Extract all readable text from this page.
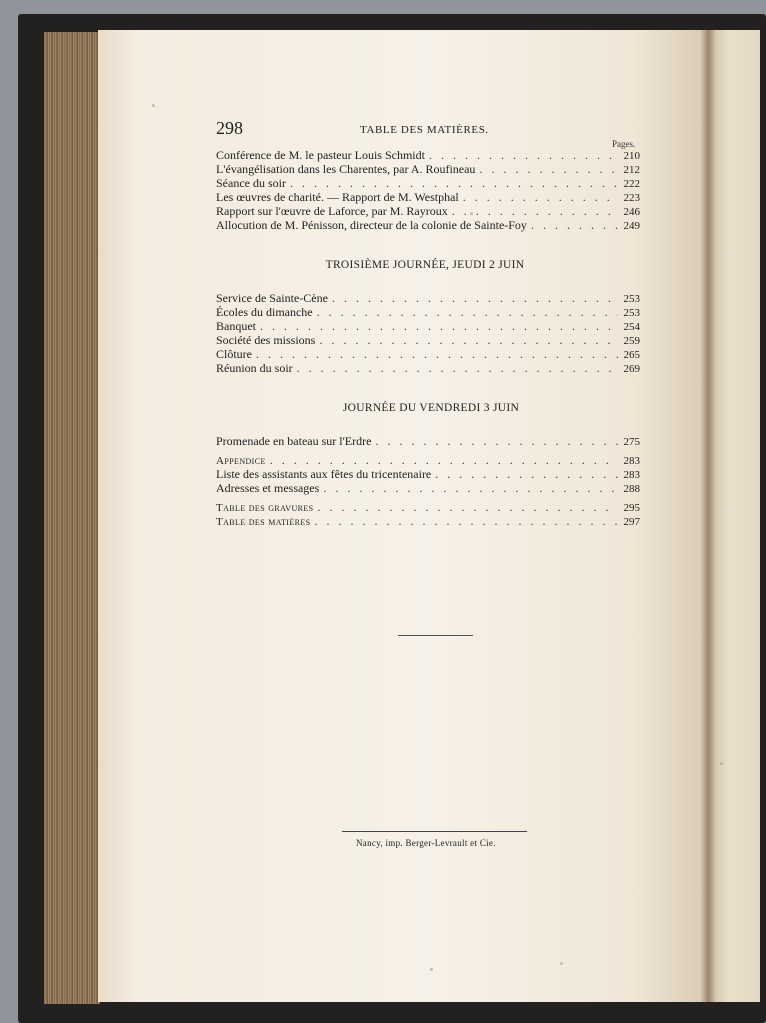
298	TABLE DES MATIÈRES.
Pages.
Conférence de M. le pasteur Louis Schmidt . . .	210
L'évangélisation dans les Charentes, par A. Roufineau . . .	212
Séance du soir . . .	222
Les œuvres de charité. — Rapport de M. Westphal . . .	223
Rapport sur l'œuvre de Laforce, par M. Rayroux . . .	246
Allocution de M. Pénisson, directeur de la colonie de Sainte-Foy . . .	249
TROISIÈME JOURNÉE, JEUDI 2 JUIN
Service de Sainte-Cène . . .	253
Écoles du dimanche . . .	253
Banquet . . .	254
Société des missions . . .	259
Clôture . . .	265
Réunion du soir . . .	269
JOURNÉE DU VENDREDI 3 JUIN
Promenade en bateau sur l'Erdre . . .	275
Appendice . . .	283
Liste des assistants aux fêtes du tricentenaire . . .	283
Adresses et messages . . .	288
Table des gravures . . .	295
Table des matières . . .	297
Nancy, imp. Berger-Levrault et Cie.
